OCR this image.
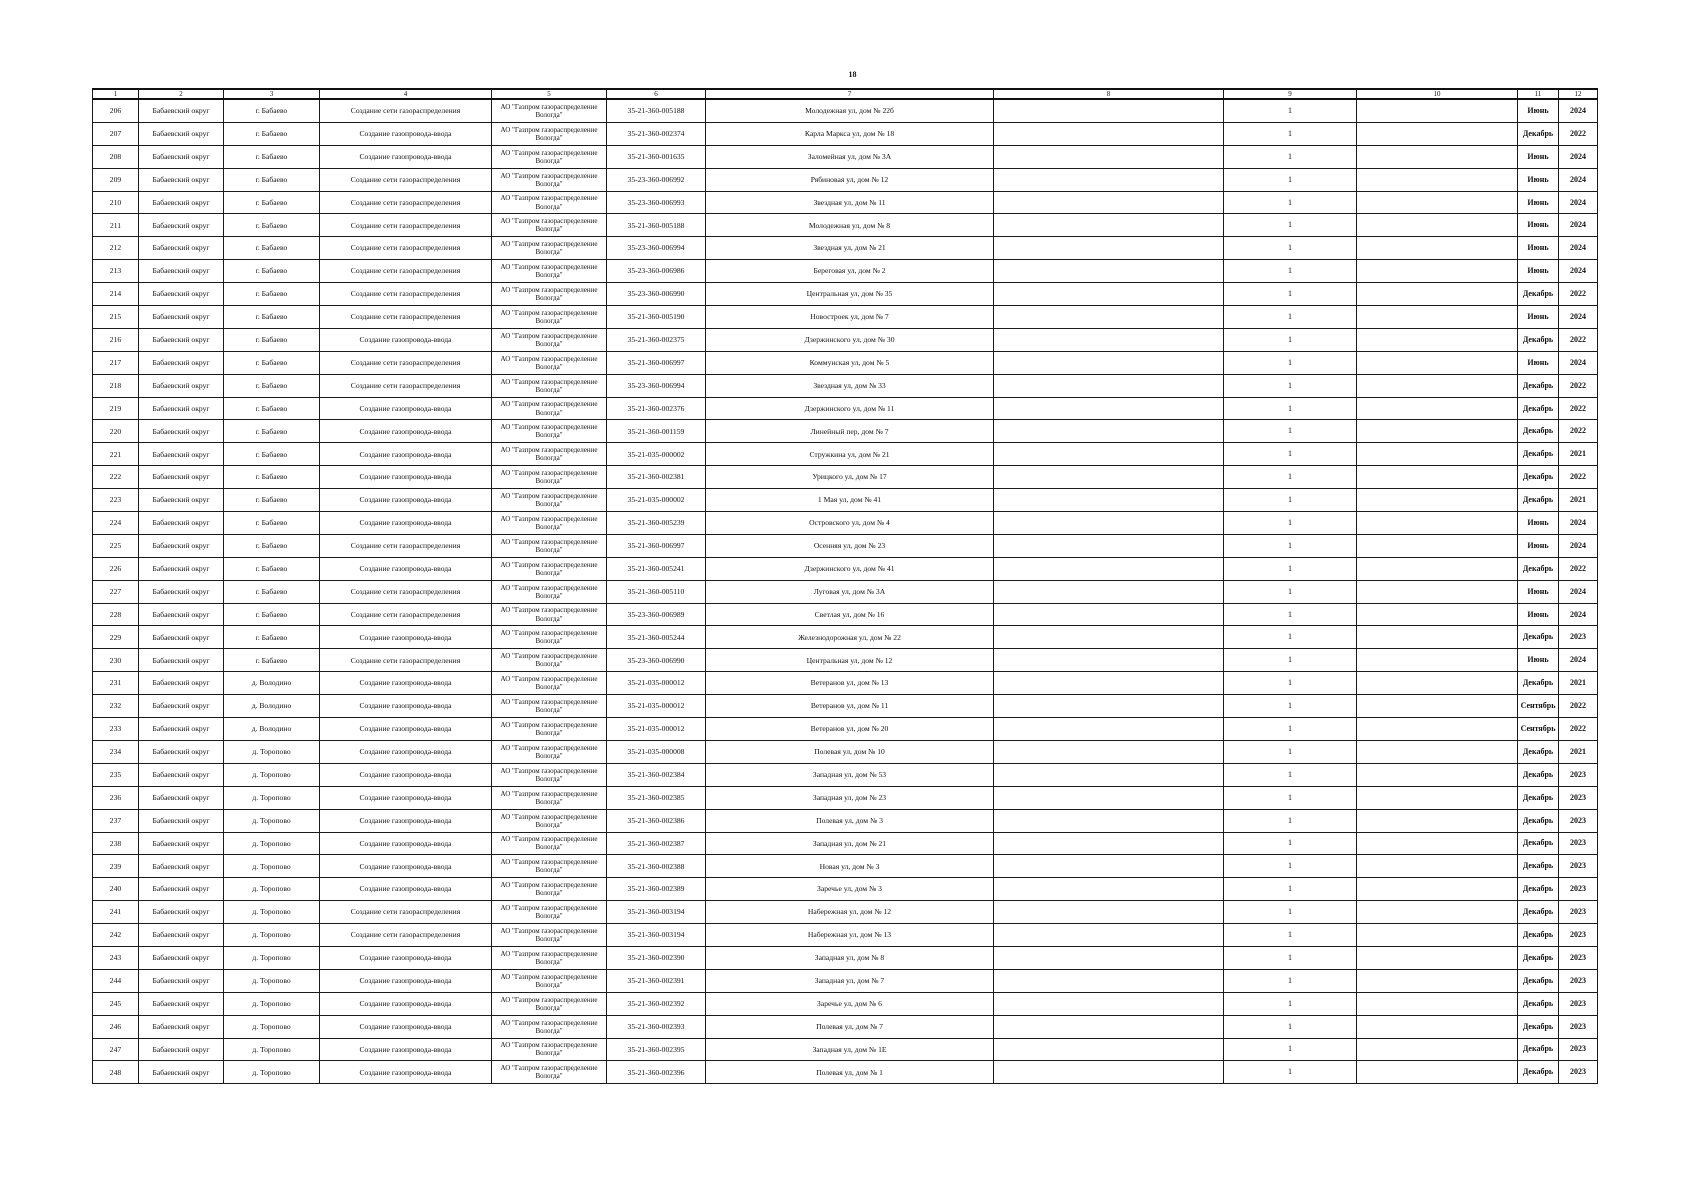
18
1	2	3	4	5	6	7	8	9	10	11	12
206	Бабаевский округ	г. Бабаево	Создание сети газораспределения	АО "Газпром газораспределение Вологда"	35-21-360-005188	Молодежная ул, дом № 22б		1		Июнь	2024
207	Бабаевский округ	г. Бабаево	Создание газопровода-ввода	АО "Газпром газораспределение Вологда"	35-21-360-002374	Карла Маркса ул, дом № 18		1		Декабрь	2022
208	Бабаевский округ	г. Бабаево	Создание газопровода-ввода	АО "Газпром газораспределение Вологда"	35-21-360-001635	Заломейная ул, дом № 3А		1		Июнь	2024
209	Бабаевский округ	г. Бабаево	Создание сети газораспределения	АО "Газпром газораспределение Вологда"	35-23-360-006992	Рябиновая ул, дом № 12		1		Июнь	2024
210	Бабаевский округ	г. Бабаево	Создание сети газораспределения	АО "Газпром газораспределение Вологда"	35-23-360-006993	Звездная ул, дом № 11		1		Июнь	2024
211	Бабаевский округ	г. Бабаево	Создание сети газораспределения	АО "Газпром газораспределение Вологда"	35-21-360-005188	Молодежная ул, дом № 8		1		Июнь	2024
212	Бабаевский округ	г. Бабаево	Создание сети газораспределения	АО "Газпром газораспределение Вологда"	35-23-360-006994	Звездная ул, дом № 21		1		Июнь	2024
213	Бабаевский округ	г. Бабаево	Создание сети газораспределения	АО "Газпром газораспределение Вологда"	35-23-360-006986	Береговая ул, дом № 2		1		Июнь	2024
214	Бабаевский округ	г. Бабаево	Создание сети газораспределения	АО "Газпром газораспределение Вологда"	35-23-360-006990	Центральная ул, дом № 35		1		Декабрь	2022
215	Бабаевский округ	г. Бабаево	Создание сети газораспределения	АО "Газпром газораспределение Вологда"	35-21-360-005190	Новостроек ул, дом № 7		1		Июнь	2024
216	Бабаевский округ	г. Бабаево	Создание газопровода-ввода	АО "Газпром газораспределение Вологда"	35-21-360-002375	Дзержинского ул, дом № 30		1		Декабрь	2022
217	Бабаевский округ	г. Бабаево	Создание сети газораспределения	АО "Газпром газораспределение Вологда"	35-21-360-006997	Коммунская ул, дом № 5		1		Июнь	2024
218	Бабаевский округ	г. Бабаево	Создание сети газораспределения	АО "Газпром газораспределение Вологда"	35-23-360-006994	Звездная ул, дом № 33		1		Декабрь	2022
219	Бабаевский округ	г. Бабаево	Создание газопровода-ввода	АО "Газпром газораспределение Вологда"	35-21-360-002376	Дзержинского ул, дом № 11		1		Декабрь	2022
220	Бабаевский округ	г. Бабаево	Создание газопровода-ввода	АО "Газпром газораспределение Вологда"	35-21-360-001159	Линейный пер, дом № 7		1		Декабрь	2022
221	Бабаевский округ	г. Бабаево	Создание газопровода-ввода	АО "Газпром газораспределение Вологда"	35-21-035-000002	Стружкина ул, дом № 21		1		Декабрь	2021
222	Бабаевский округ	г. Бабаево	Создание газопровода-ввода	АО "Газпром газораспределение Вологда"	35-21-360-002381	Урицкого ул, дом № 17		1		Декабрь	2022
223	Бабаевский округ	г. Бабаево	Создание газопровода-ввода	АО "Газпром газораспределение Вологда"	35-21-035-000002	1 Мая ул, дом № 41		1		Декабрь	2021
224	Бабаевский округ	г. Бабаево	Создание газопровода-ввода	АО "Газпром газораспределение Вологда"	35-21-360-005239	Островского ул, дом № 4		1		Июнь	2024
225	Бабаевский округ	г. Бабаево	Создание сети газораспределения	АО "Газпром газораспределение Вологда"	35-21-360-006997	Осенняя ул, дом № 23		1		Июнь	2024
226	Бабаевский округ	г. Бабаево	Создание газопровода-ввода	АО "Газпром газораспределение Вологда"	35-21-360-005241	Дзержинского ул, дом № 41		1		Декабрь	2022
227	Бабаевский округ	г. Бабаево	Создание сети газораспределения	АО "Газпром газораспределение Вологда"	35-21-360-005110	Луговая ул, дом № 3А		1		Июнь	2024
228	Бабаевский округ	г. Бабаево	Создание сети газораспределения	АО "Газпром газораспределение Вологда"	35-23-360-006989	Светлая ул, дом № 16		1		Июнь	2024
229	Бабаевский округ	г. Бабаево	Создание газопровода-ввода	АО "Газпром газораспределение Вологда"	35-21-360-005244	Железнодорожная ул, дом № 22		1		Декабрь	2023
230	Бабаевский округ	г. Бабаево	Создание сети газораспределения	АО "Газпром газораспределение Вологда"	35-23-360-006990	Центральная ул, дом № 12		1		Июнь	2024
231	Бабаевский округ	д. Володино	Создание газопровода-ввода	АО "Газпром газораспределение Вологда"	35-21-035-000012	Ветеранов ул, дом № 13		1		Декабрь	2021
232	Бабаевский округ	д. Володино	Создание газопровода-ввода	АО "Газпром газораспределение Вологда"	35-21-035-000012	Ветеранов ул, дом № 11		1		Сентябрь	2022
233	Бабаевский округ	д. Володино	Создание газопровода-ввода	АО "Газпром газораспределение Вологда"	35-21-035-000012	Ветеранов ул, дом № 20		1		Сентябрь	2022
234	Бабаевский округ	д. Торопово	Создание газопровода-ввода	АО "Газпром газораспределение Вологда"	35-21-035-000008	Полевая ул, дом № 10		1		Декабрь	2021
235	Бабаевский округ	д. Торопово	Создание газопровода-ввода	АО "Газпром газораспределение Вологда"	35-21-360-002384	Западная ул, дом № 53		1		Декабрь	2023
236	Бабаевский округ	д. Торопово	Создание газопровода-ввода	АО "Газпром газораспределение Вологда"	35-21-360-002385	Западная ул, дом № 23		1		Декабрь	2023
237	Бабаевский округ	д. Торопово	Создание газопровода-ввода	АО "Газпром газораспределение Вологда"	35-21-360-002386	Полевая ул, дом № 3		1		Декабрь	2023
238	Бабаевский округ	д. Торопово	Создание газопровода-ввода	АО "Газпром газораспределение Вологда"	35-21-360-002387	Западная ул, дом № 21		1		Декабрь	2023
239	Бабаевский округ	д. Торопово	Создание газопровода-ввода	АО "Газпром газораспределение Вологда"	35-21-360-002388	Новая ул, дом № 3		1		Декабрь	2023
240	Бабаевский округ	д. Торопово	Создание газопровода-ввода	АО "Газпром газораспределение Вологда"	35-21-360-002389	Заречье ул, дом № 3		1		Декабрь	2023
241	Бабаевский округ	д. Торопово	Создание сети газораспределения	АО "Газпром газораспределение Вологда"	35-21-360-003194	Набережная ул, дом № 12		1		Декабрь	2023
242	Бабаевский округ	д. Торопово	Создание сети газораспределения	АО "Газпром газораспределение Вологда"	35-21-360-003194	Набережная ул, дом № 13		1		Декабрь	2023
243	Бабаевский округ	д. Торопово	Создание газопровода-ввода	АО "Газпром газораспределение Вологда"	35-21-360-002390	Западная ул, дом № 8		1		Декабрь	2023
244	Бабаевский округ	д. Торопово	Создание газопровода-ввода	АО "Газпром газораспределение Вологда"	35-21-360-002391	Западная ул, дом № 7		1		Декабрь	2023
245	Бабаевский округ	д. Торопово	Создание газопровода-ввода	АО "Газпром газораспределение Вологда"	35-21-360-002392	Заречье ул, дом № 6		1		Декабрь	2023
246	Бабаевский округ	д. Торопово	Создание газопровода-ввода	АО "Газпром газораспределение Вологда"	35-21-360-002393	Полевая ул, дом № 7		1		Декабрь	2023
247	Бабаевский округ	д. Торопово	Создание газопровода-ввода	АО "Газпром газораспределение Вологда"	35-21-360-002395	Западная ул, дом № 1Е		1		Декабрь	2023
248	Бабаевский округ	д. Торопово	Создание газопровода-ввода	АО "Газпром газораспределение Вологда"	35-21-360-002396	Полевая ул, дом № 1		1		Декабрь	2023
